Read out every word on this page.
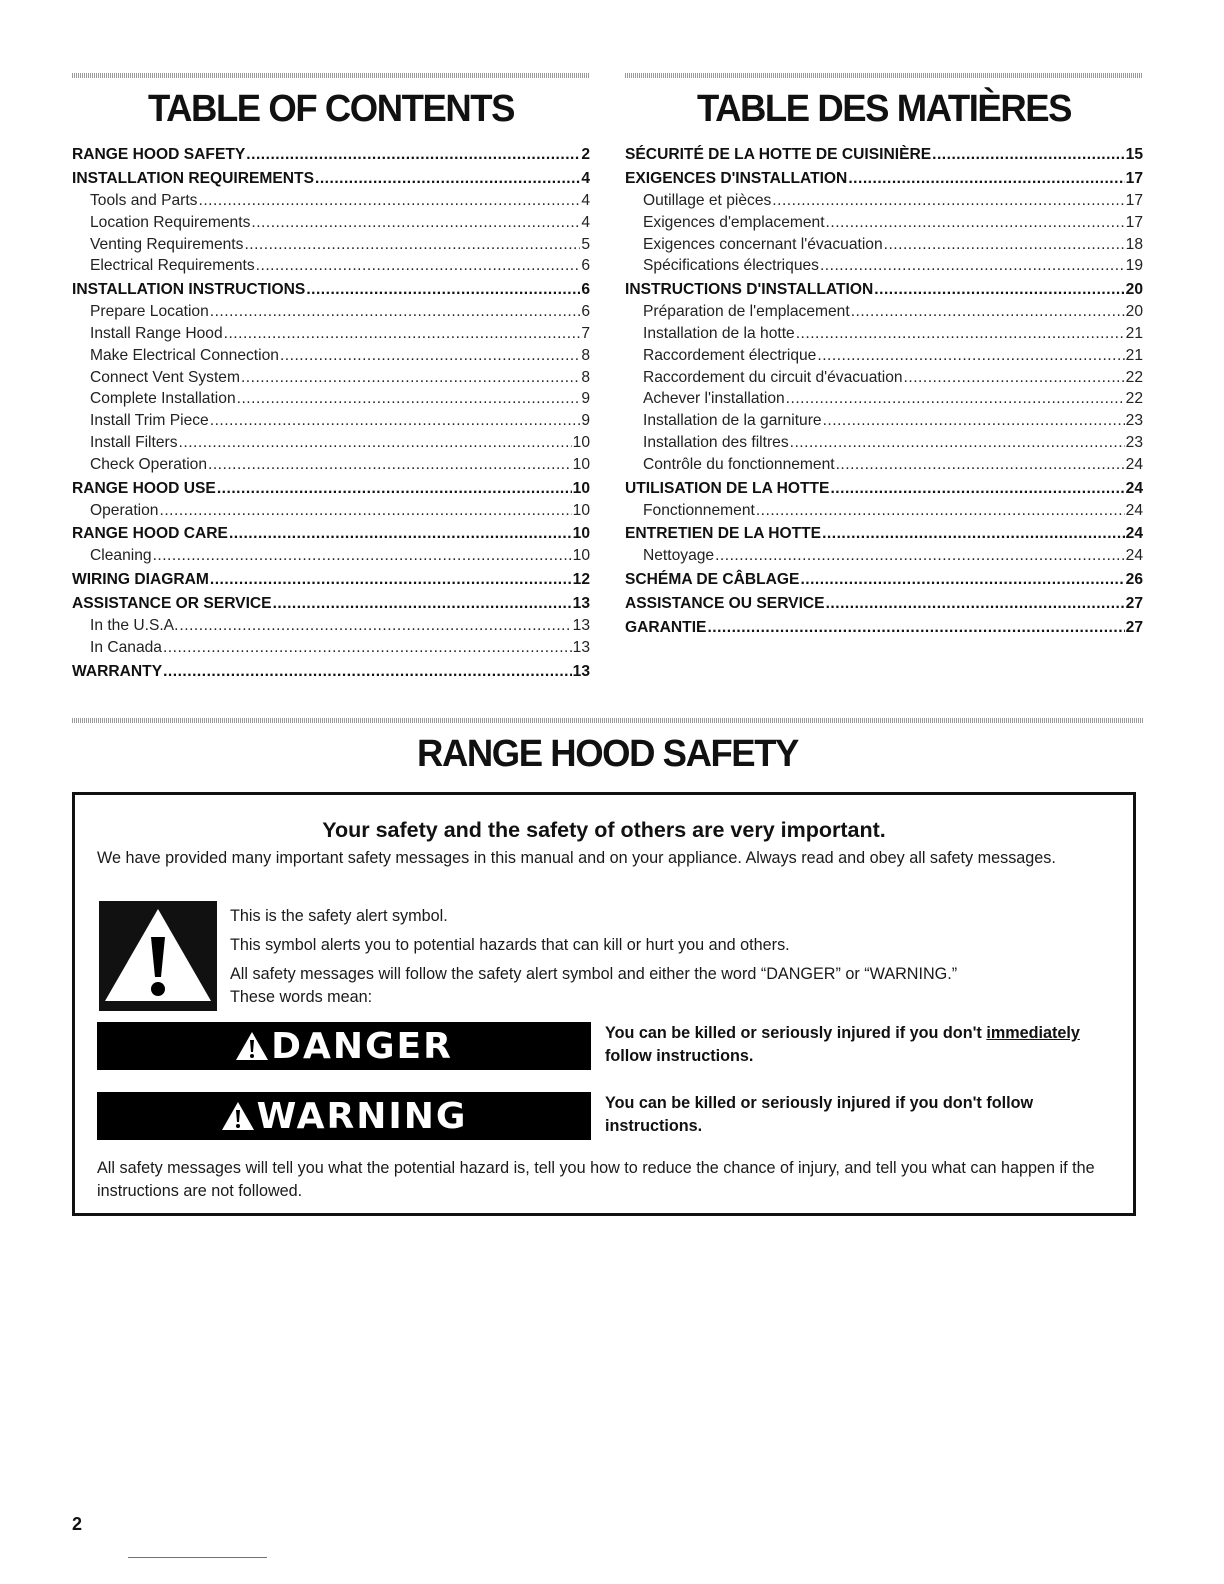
TABLE OF CONTENTS
RANGE HOOD SAFETY .....	2
INSTALLATION REQUIREMENTS .....	4
Tools and Parts .....	4
Location Requirements .....	4
Venting Requirements .....	5
Electrical Requirements .....	6
INSTALLATION INSTRUCTIONS .....	6
Prepare Location .....	6
Install Range Hood .....	7
Make Electrical Connection .....	8
Connect Vent System .....	8
Complete Installation .....	9
Install Trim Piece .....	9
Install Filters .....	10
Check Operation .....	10
RANGE HOOD USE .....	10
Operation .....	10
RANGE HOOD CARE .....	10
Cleaning .....	10
WIRING DIAGRAM .....	12
ASSISTANCE OR SERVICE .....	13
In the U.S.A. .....	13
In Canada .....	13
WARRANTY .....	13
TABLE DES MATIÈRES
SÉCURITÉ DE LA HOTTE DE CUISINIÈRE .....	15
EXIGENCES D'INSTALLATION .....	17
Outillage et pièces .....	17
Exigences d'emplacement .....	17
Exigences concernant l'évacuation .....	18
Spécifications électriques .....	19
INSTRUCTIONS D'INSTALLATION .....	20
Préparation de l'emplacement .....	20
Installation de la hotte .....	21
Raccordement électrique .....	21
Raccordement du circuit d'évacuation .....	22
Achever l'installation .....	22
Installation de la garniture .....	23
Installation des filtres .....	23
Contrôle du fonctionnement .....	24
UTILISATION DE LA HOTTE .....	24
Fonctionnement .....	24
ENTRETIEN DE LA HOTTE .....	24
Nettoyage .....	24
SCHÉMA DE CÂBLAGE .....	26
ASSISTANCE OU SERVICE .....	27
GARANTIE .....	27
RANGE HOOD SAFETY

Your safety and the safety of others are very important.

We have provided many important safety messages in this manual and on your appliance. Always read and obey all safety messages.

This is the safety alert symbol.

This symbol alerts you to potential hazards that can kill or hurt you and others.

All safety messages will follow the safety alert symbol and either the word “DANGER” or “WARNING.”

These words mean:

DANGER	You can be killed or seriously injured if you don't immediately follow instructions.

WARNING	You can be killed or seriously injured if you don't follow instructions.

All safety messages will tell you what the potential hazard is, tell you how to reduce the chance of injury, and tell you what can happen if the instructions are not followed.

2
